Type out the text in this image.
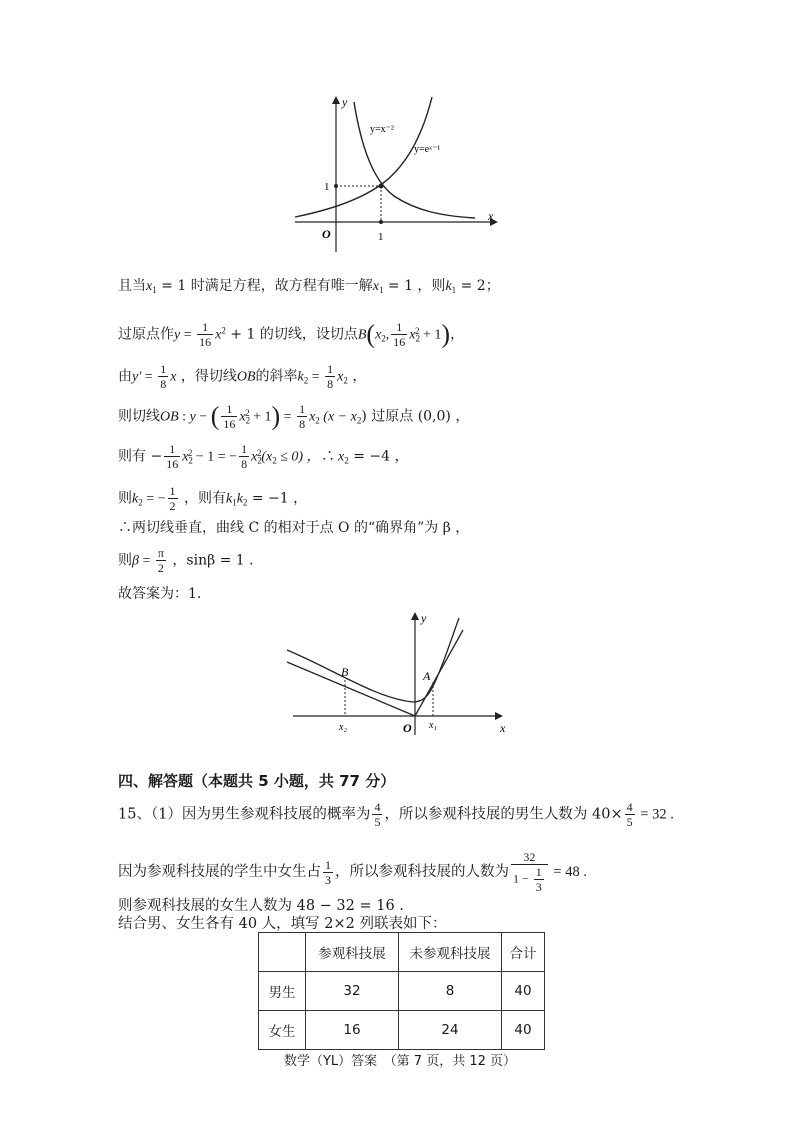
y
x
O
1
1
y=x⁻²
y=eˣ⁻¹
且当$x_1 = 1$ 时满足方程，故方程有唯一解$x_1 = 1$ ，则$k_1 = 2$；
过原点作$y = \frac{1}{16} x^2 + 1$ 的切线，设切点$B(x_2$, $\frac{1}{16} x_2^2 + 1$)，
由$y' = \frac{1}{8}$ x ，得切线OB的斜率$k_2 = \frac{1}{8} x_2$ ，
则切线OB : y − ( $\frac{1}{16} x_2^2 + 1) = \frac{1}{8} x_2$ $(x - x_2)$ 过原点 (0,0) ，
则有 − $\frac{1}{16} x_2^2 - 1$ = − $\frac{1}{8} x_2^2(x_2 \le 0)$ ，∴ $x_2 = -4$ ，
则$k_2$ = − $\frac{1}{2}$ ，则有$k_1k_2 = -1$ ，
∴两切线垂直，曲线 C 的相对于点 O 的“确界角”为 β ，
则$\beta = \frac{\pi}{2}$ ，sinβ = 1 .
故答案为：1.
y
x
O
A
B
x₂	x₁
四、解答题（本题共 5 小题，共 77 分）
15、（1）因为男生参观科技展的概率为 $\frac{4}{5}$ ，所以参观科技展的男生人数为 $40\times \frac{4}{5} = 32$ .
因为参观科技展的学生中女生占 $\frac{1}{3}$ ，所以参观科技展的人数为 $\frac{32}{1 - \frac{1}{3}} = 48$ .
则参观科技展的女生人数为 48 − 32 = 16 .
结合男、女生各有 40 人，填写 2×2 列联表如下：
	参观科技展	未参观科技展	合计
男生	32	8	40
女生	16	24	40
数学（YL）答案　（第 7 页，共 12 页）
